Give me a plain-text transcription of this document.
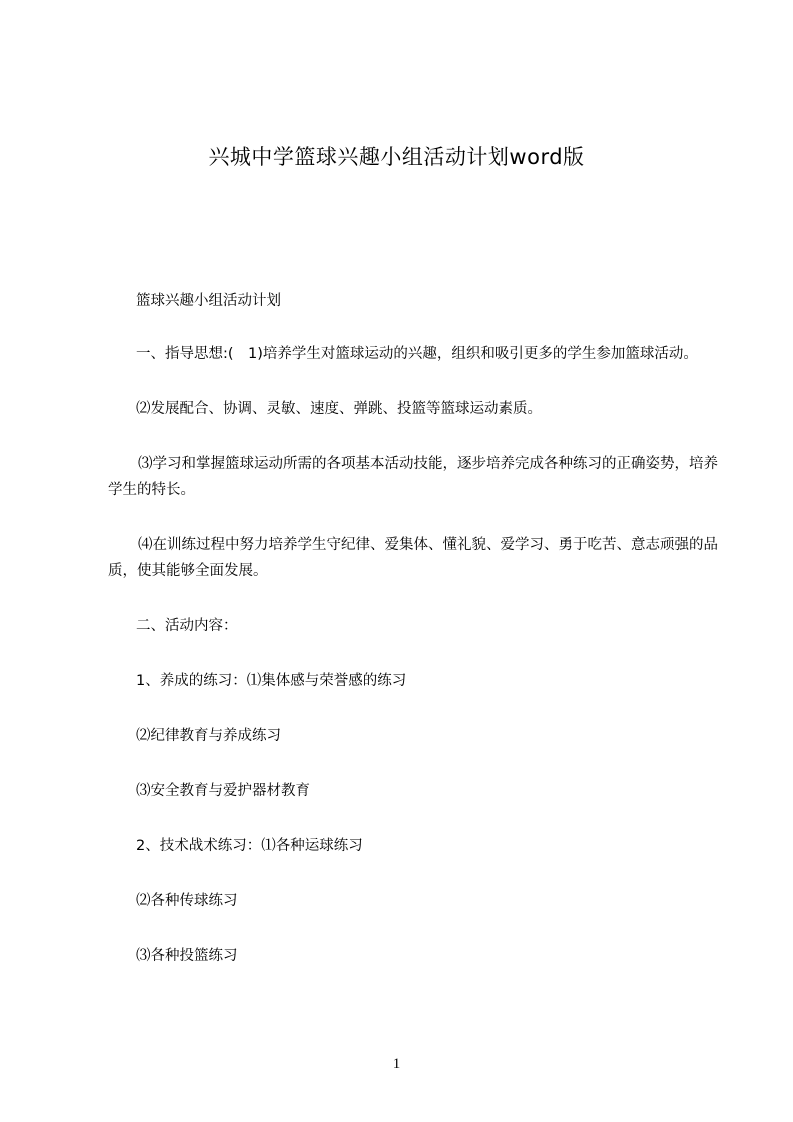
兴城中学篮球兴趣小组活动计划word版

篮球兴趣小组活动计划

一、指导思想:(　1)培养学生对篮球运动的兴趣，组织和吸引更多的学生参加篮球活动。

⑵发展配合、协调、灵敏、速度、弹跳、投篮等篮球运动素质。

⑶学习和掌握篮球运动所需的各项基本活动技能，逐步培养完成各种练习的正确姿势，培养学生的特长。

⑷在训练过程中努力培养学生守纪律、爱集体、懂礼貌、爱学习、勇于吃苦、意志顽强的品质，使其能够全面发展。

二、活动内容：

1、养成的练习：⑴集体感与荣誉感的练习

⑵纪律教育与养成练习

⑶安全教育与爱护器材教育

2、技术战术练习：⑴各种运球练习

⑵各种传球练习

⑶各种投篮练习

1
